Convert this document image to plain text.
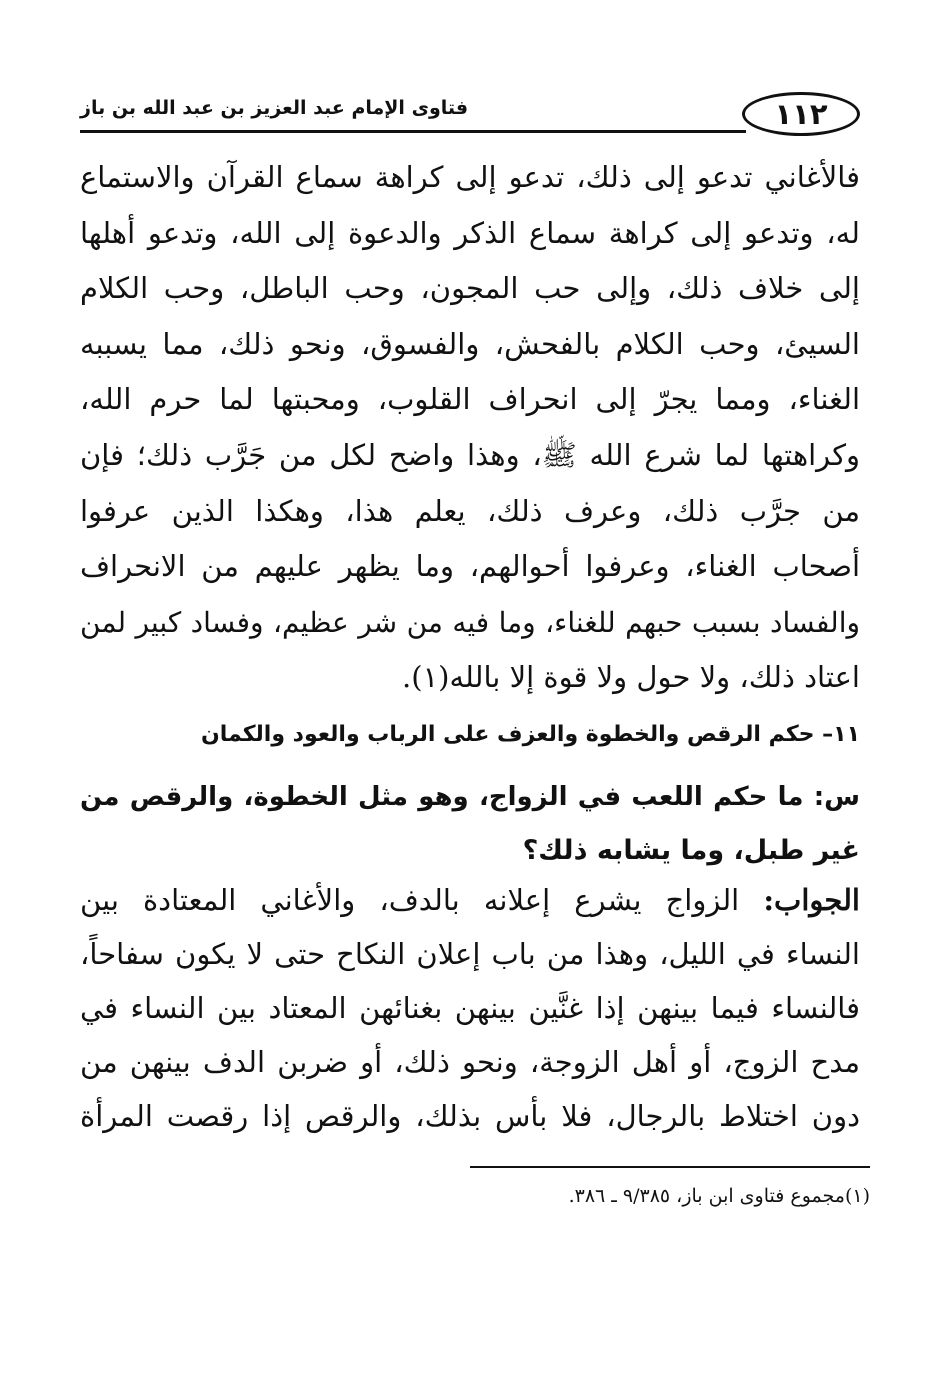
١١٢
فتاوى الإمام عبد العزيز بن عبد الله بن باز
فالأغاني تدعو إلى ذلك، تدعو إلى كراهة سماع القرآن والاستماع
له، وتدعو إلى كراهة سماع الذكر والدعوة إلى الله، وتدعو أهلها
إلى خلاف ذلك، وإلى حب المجون، وحب الباطل، وحب الكلام
السيئ، وحب الكلام بالفحش، والفسوق، ونحو ذلك، مما يسببه
الغناء، ومما يجرّ إلى انحراف القلوب، ومحبتها لما حرم الله،
وكراهتها لما شرع الله ﷺ، وهذا واضح لكل من جَرَّب ذلك؛ فإن
من جرَّب ذلك، وعرف ذلك، يعلم هذا، وهكذا الذين عرفوا
أصحاب الغناء، وعرفوا أحوالهم، وما يظهر عليهم من الانحراف
والفساد بسبب حبهم للغناء، وما فيه من شر عظيم، وفساد كبير لمن
اعتاد ذلك، ولا حول ولا قوة إلا بالله(١).
١١– حكم الرقص والخطوة والعزف على الرباب والعود والكمان
س: ما حكم اللعب في الزواج، وهو مثل الخطوة، والرقص من
غير طبل، وما يشابه ذلك؟
الجواب: الزواج يشرع إعلانه بالدف، والأغاني المعتادة بين
النساء في الليل، وهذا من باب إعلان النكاح حتى لا يكون سفاحاً،
فالنساء فيما بينهن إذا غنَّين بينهن بغنائهن المعتاد بين النساء في
مدح الزوج، أو أهل الزوجة، ونحو ذلك، أو ضربن الدف بينهن من
دون اختلاط بالرجال، فلا بأس بذلك، والرقص إذا رقصت المرأة
(١)مجموع فتاوى ابن باز، ٩/٣٨٥ ـ ٣٨٦.
